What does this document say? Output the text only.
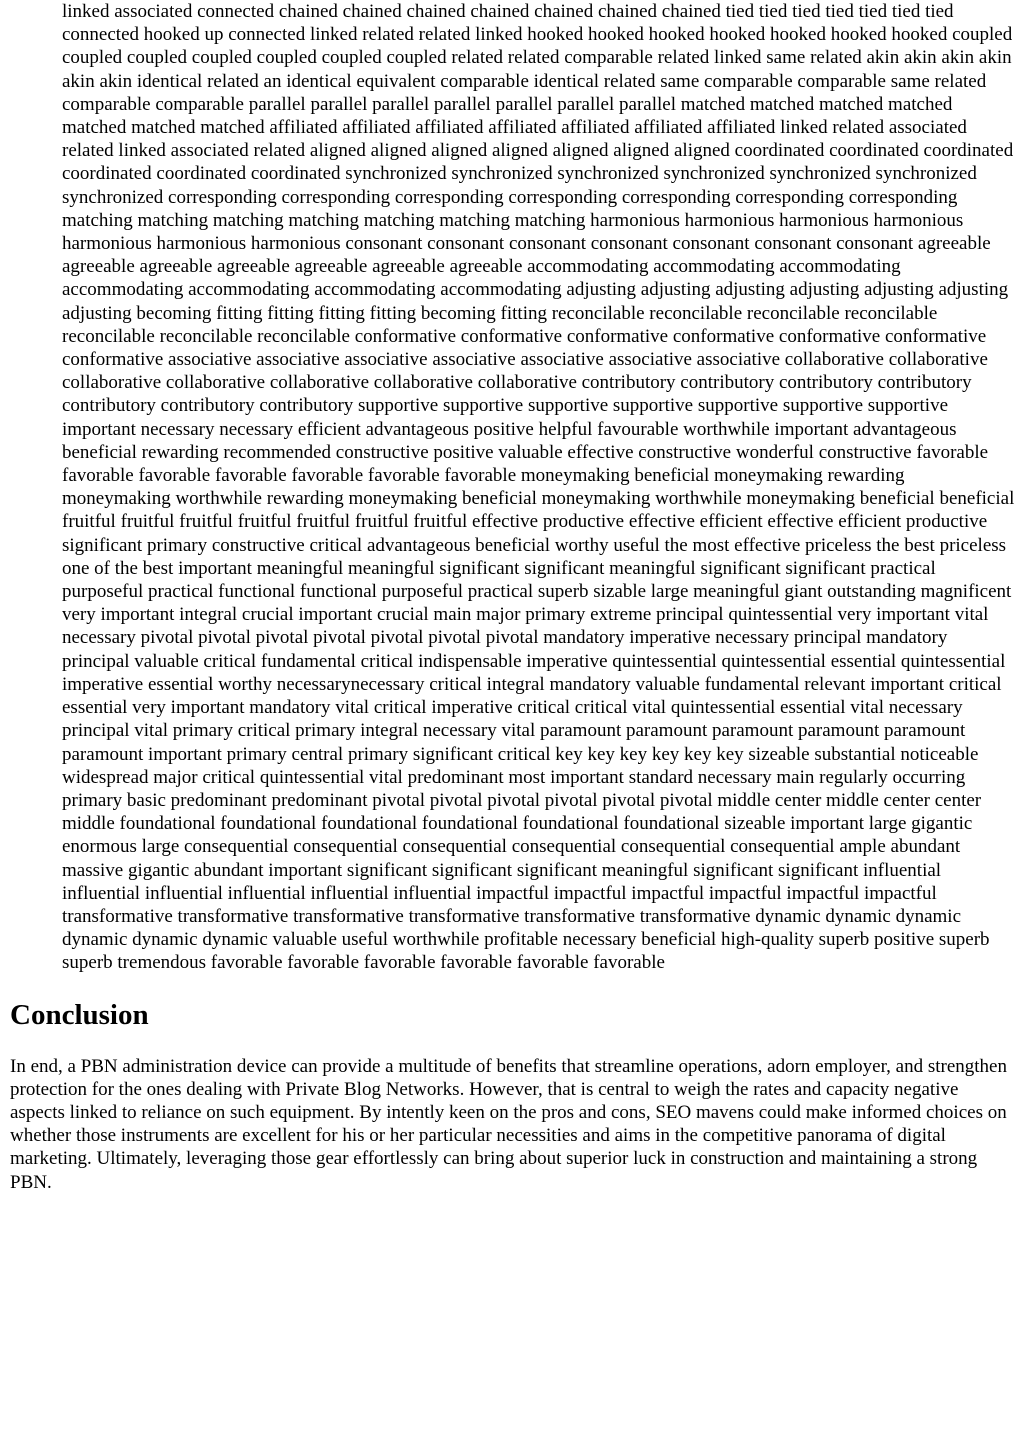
linked associated connected chained chained chained chained chained chained chained tied tied tied tied tied tied tied connected hooked up connected linked related related linked hooked hooked hooked hooked hooked hooked hooked coupled coupled coupled coupled coupled coupled coupled related related comparable related linked same related akin akin akin akin akin akin identical related an identical equivalent comparable identical related same comparable comparable same related comparable comparable parallel parallel parallel parallel parallel parallel parallel matched matched matched matched matched matched matched affiliated affiliated affiliated affiliated affiliated affiliated affiliated linked related associated related linked associated related aligned aligned aligned aligned aligned aligned aligned coordinated coordinated coordinated coordinated coordinated coordinated synchronized synchronized synchronized synchronized synchronized synchronized synchronized corresponding corresponding corresponding corresponding corresponding corresponding corresponding matching matching matching matching matching matching matching harmonious harmonious harmonious harmonious harmonious harmonious harmonious consonant consonant consonant consonant consonant consonant consonant agreeable agreeable agreeable agreeable agreeable agreeable agreeable accommodating accommodating accommodating accommodating accommodating accommodating accommodating adjusting adjusting adjusting adjusting adjusting adjusting adjusting becoming fitting fitting fitting fitting becoming fitting reconcilable reconcilable reconcilable reconcilable reconcilable reconcilable reconcilable conformative conformative conformative conformative conformative conformative conformative associative associative associative associative associative associative associative collaborative collaborative collaborative collaborative collaborative collaborative collaborative contributory contributory contributory contributory contributory contributory contributory supportive supportive supportive supportive supportive supportive supportive important necessary necessary efficient advantageous positive helpful favourable worthwhile important advantageous beneficial rewarding recommended constructive positive valuable effective constructive wonderful constructive favorable favorable favorable favorable favorable favorable favorable moneymaking beneficial moneymaking rewarding moneymaking worthwhile rewarding moneymaking beneficial moneymaking worthwhile moneymaking beneficial beneficial fruitful fruitful fruitful fruitful fruitful fruitful fruitful effective productive effective efficient effective efficient productive significant primary constructive critical advantageous beneficial worthy useful the most effective priceless the best priceless one of the best important meaningful meaningful significant significant meaningful significant significant practical purposeful practical functional functional purposeful practical superb sizable large meaningful giant outstanding magnificent very important integral crucial important crucial main major primary extreme principal quintessential very important vital necessary pivotal pivotal pivotal pivotal pivotal pivotal pivotal mandatory imperative necessary principal mandatory principal valuable critical fundamental critical indispensable imperative quintessential quintessential essential quintessential imperative essential worthy necessarynecessary critical integral mandatory valuable fundamental relevant important critical essential very important mandatory vital critical imperative critical critical vital quintessential essential vital necessary principal vital primary critical primary integral necessary vital paramount paramount paramount paramount paramount paramount important primary central primary significant critical key key key key key key sizeable substantial noticeable widespread major critical quintessential vital predominant most important standard necessary main regularly occurring primary basic predominant predominant pivotal pivotal pivotal pivotal pivotal pivotal middle center middle center center middle foundational foundational foundational foundational foundational foundational sizeable important large gigantic enormous large consequential consequential consequential consequential consequential consequential ample abundant massive gigantic abundant important significant significant significant meaningful significant significant influential influential influential influential influential influential impactful impactful impactful impactful impactful impactful transformative transformative transformative transformative transformative transformative dynamic dynamic dynamic dynamic dynamic dynamic valuable useful worthwhile profitable necessary beneficial high-quality superb positive superb superb tremendous favorable favorable favorable favorable favorable favorable

Conclusion

In end, a PBN administration device can provide a multitude of benefits that streamline operations, adorn employer, and strengthen protection for the ones dealing with Private Blog Networks. However, that is central to weigh the rates and capacity negative aspects linked to reliance on such equipment. By intently keen on the pros and cons, SEO mavens could make informed choices on whether those instruments are excellent for his or her particular necessities and aims in the competitive panorama of digital marketing. Ultimately, leveraging those gear effortlessly can bring about superior luck in construction and maintaining a strong PBN.
